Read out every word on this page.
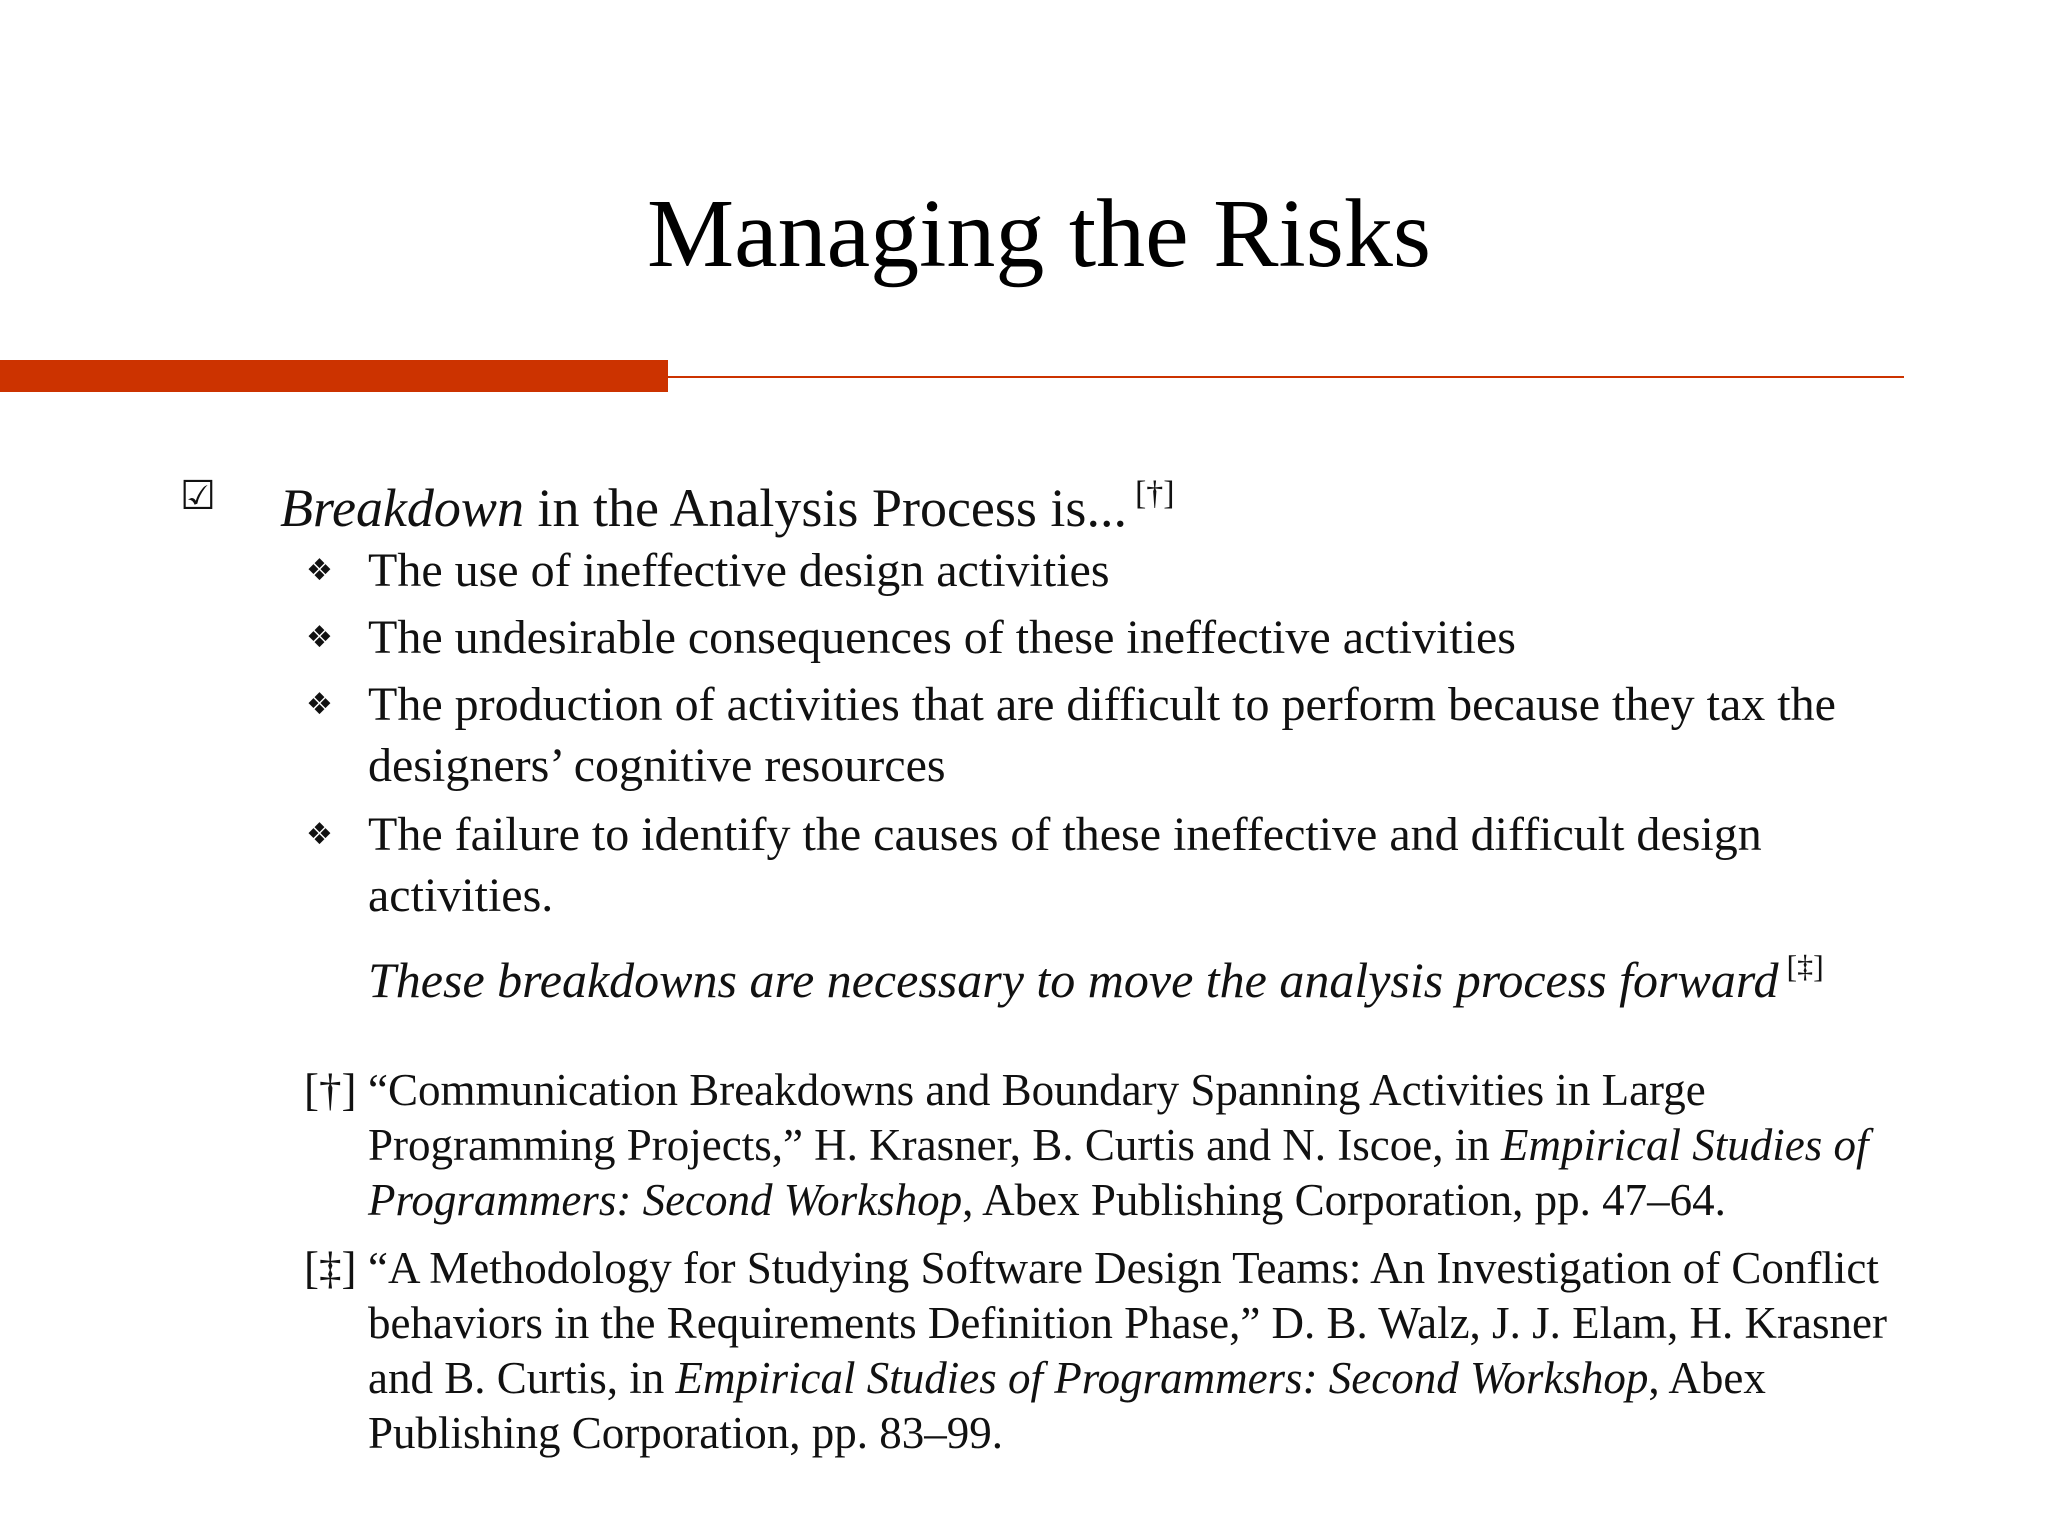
Managing the Risks
☑ Breakdown in the Analysis Process is... [†]
❖ The use of ineffective design activities
❖ The undesirable consequences of these ineffective activities
❖ The production of activities that are difficult to perform because they tax the designers’ cognitive resources
❖ The failure to identify the causes of these ineffective and difficult design activities.
These breakdowns are necessary to move the analysis process forward [‡]
[†] “Communication Breakdowns and Boundary Spanning Activities in Large Programming Projects,” H. Krasner, B. Curtis and N. Iscoe, in Empirical Studies of Programmers: Second Workshop, Abex Publishing Corporation, pp. 47–64.
[‡] “A Methodology for Studying Software Design Teams: An Investigation of Conflict behaviors in the Requirements Definition Phase,” D. B. Walz, J. J. Elam, H. Krasner and B. Curtis, in Empirical Studies of Programmers: Second Workshop, Abex Publishing Corporation, pp. 83–99.
